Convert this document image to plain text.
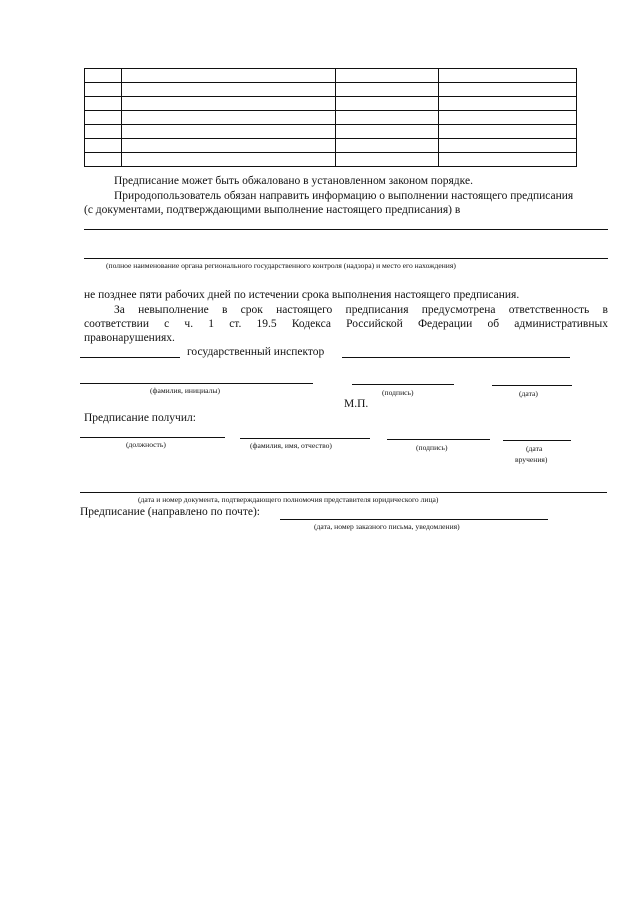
Предписание может быть обжаловано в установленном законом порядке.
Природопользователь обязан направить информацию о выполнении настоящего предписания
(с документами, подтверждающими выполнение настоящего предписания) в
(полное наименование органа регионального государственного контроля (надзора) и место его нахождения)
не позднее пяти рабочих дней по истечении срока выполнения настоящего предписания.
За невыполнение в срок настоящего предписания предусмотрена ответственность в
соответствии с ч. 1 ст. 19.5 Кодекса Российской Федерации об административных
правонарушениях.
государственный инспектор
(фамилия, инициалы)	(подпись)	(дата)
М.П.
Предписание получил:
(должность)	(фамилия, имя, отчество)	(подпись)	(дата
вручения)
(дата и номер документа, подтверждающего полномочия представителя юридического лица)
Предписание (направлено по почте):
(дата, номер заказного письма, уведомления)
